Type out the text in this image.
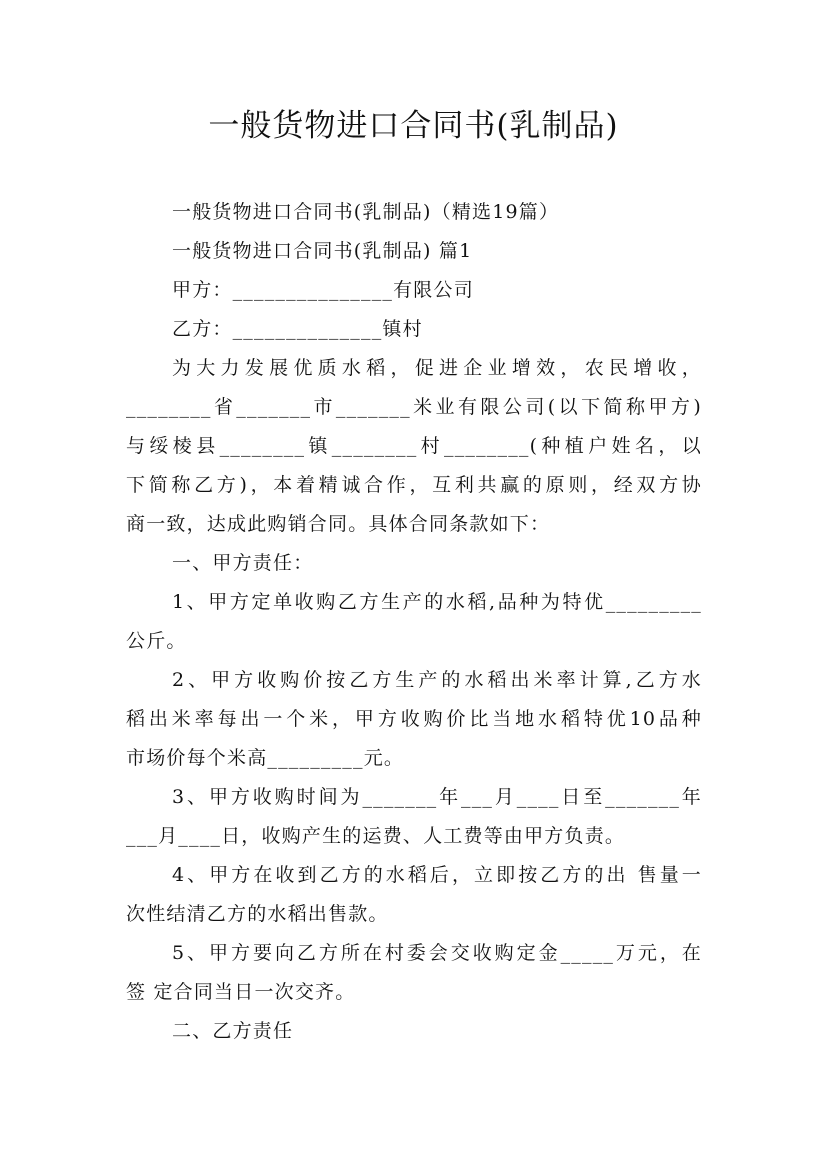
一般货物进口合同书(乳制品)
一般货物进口合同书(乳制品)（精选19篇）
一般货物进口合同书(乳制品) 篇1
甲方：_______________有限公司
乙方：______________镇村
为大力发展优质水稻，促进企业增效，农民增收，
________省_______市_______米业有限公司(以下简称甲方)
与绥棱县________镇________村________(种植户姓名，以
下简称乙方)，本着精诚合作，互利共赢的原则，经双方协
商一致，达成此购销合同。具体合同条款如下：
一、甲方责任：
1、甲方定单收购乙方生产的水稻,品种为特优_________
公斤。
2、甲方收购价按乙方生产的水稻出米率计算,乙方水
稻出米率每出一个米，甲方收购价比当地水稻特优10品种
市场价每个米高_________元。
3、甲方收购时间为_______年___月____日至_______年
___月____日，收购产生的运费、人工费等由甲方负责。
4、甲方在收到乙方的水稻后，立即按乙方的出 售量一
次性结清乙方的水稻出售款。
5、甲方要向乙方所在村委会交收购定金_____万元，在
签 定合同当日一次交齐。
二、乙方责任
